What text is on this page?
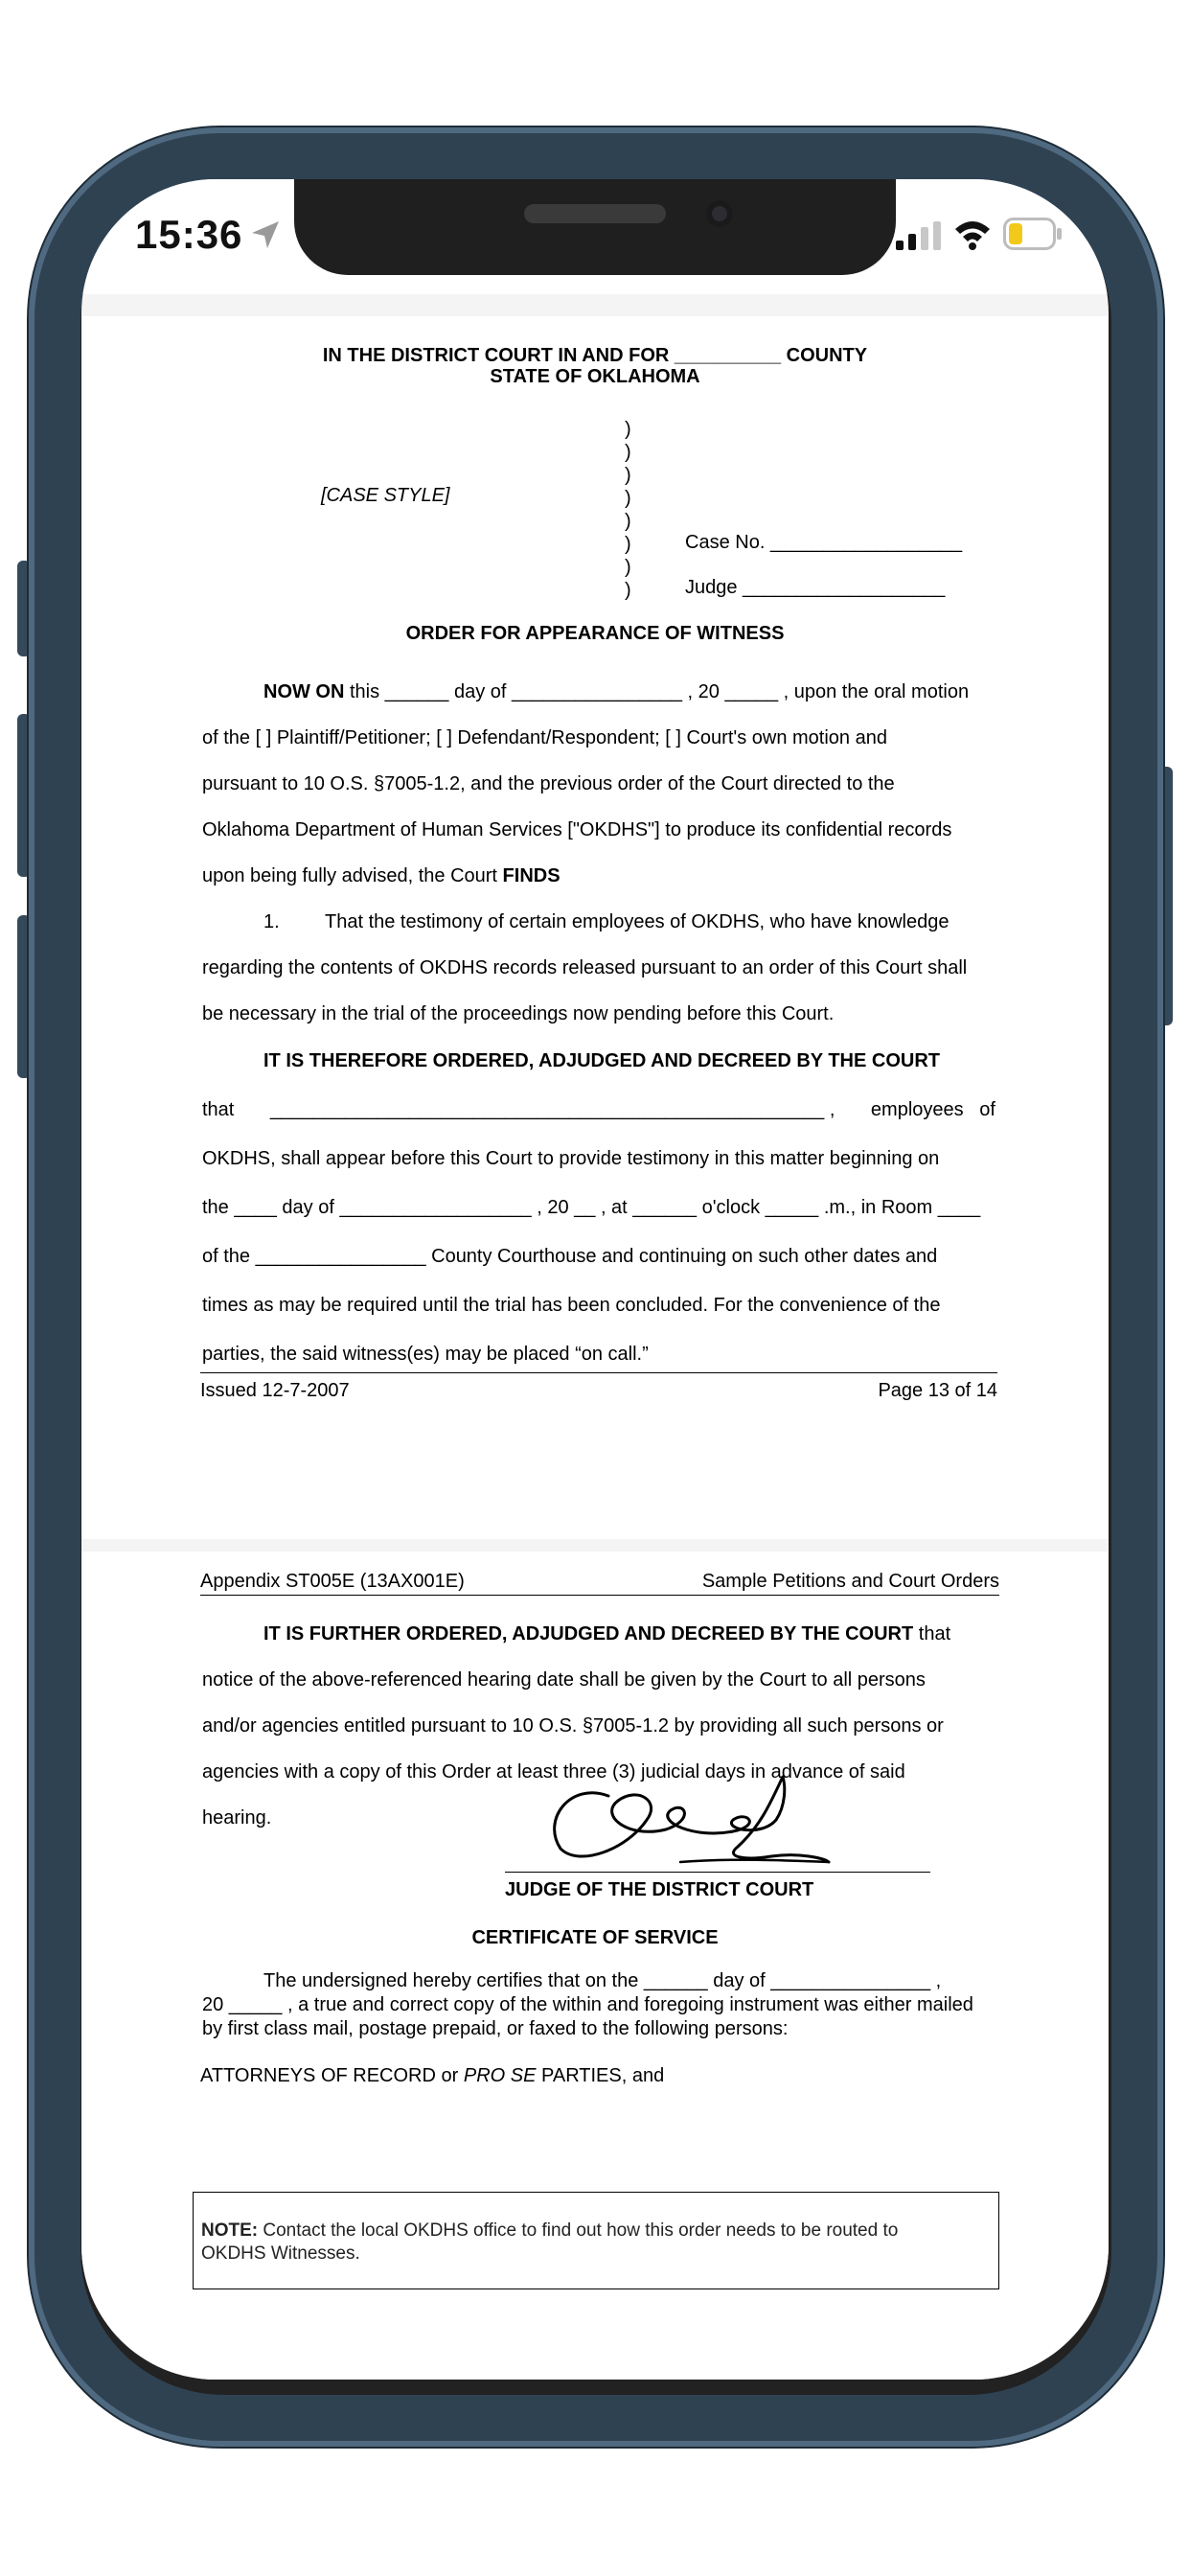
15:36
IN THE DISTRICT COURT IN AND FOR __________ COUNTY
STATE OF OKLAHOMA
)
)
)
)
)
)
)
)
[CASE STYLE]
Case No. __________________
Judge ___________________
ORDER FOR APPEARANCE OF WITNESS
NOW ON this ______ day of ________________ , 20 _____ , upon the oral motion
of the [ ] Plaintiff/Petitioner; [ ] Defendant/Respondent; [ ] Court's own motion and
pursuant to 10 O.S. §7005-1.2, and the previous order of the Court directed to the
Oklahoma Department of Human Services ["OKDHS"] to produce its confidential records
upon being fully advised, the Court FINDS
1. That the testimony of certain employees of OKDHS, who have knowledge
regarding the contents of OKDHS records released pursuant to an order of this Court shall
be necessary in the trial of the proceedings now pending before this Court.
IT IS THEREFORE ORDERED, ADJUDGED AND DECREED BY THE COURT
that ____________________________________________________ , employees   of
OKDHS, shall appear before this Court to provide testimony in this matter beginning on
the ____ day of __________________ , 20 __ , at ______ o'clock _____ .m., in Room ____
of the ________________ County Courthouse and continuing on such other dates and
times as may be required until the trial has been concluded. For the convenience of the
parties, the said witness(es) may be placed “on call.”
Issued 12-7-2007	Page 13 of 14
Appendix ST005E (13AX001E)	Sample Petitions and Court Orders
IT IS FURTHER ORDERED, ADJUDGED AND DECREED BY THE COURT that
notice of the above-referenced hearing date shall be given by the Court to all persons
and/or agencies entitled pursuant to 10 O.S. §7005-1.2 by providing all such persons or
agencies with a copy of this Order at least three (3) judicial days in advance of said
hearing.
JUDGE OF THE DISTRICT COURT
CERTIFICATE OF SERVICE
The undersigned hereby certifies that on the ______ day of _______________ ,
20 _____ , a true and correct copy of the within and foregoing instrument was either mailed
by first class mail, postage prepaid, or faxed to the following persons:
ATTORNEYS OF RECORD or PRO SE PARTIES, and
NOTE: Contact the local OKDHS office to find out how this order needs to be routed to
OKDHS Witnesses.
